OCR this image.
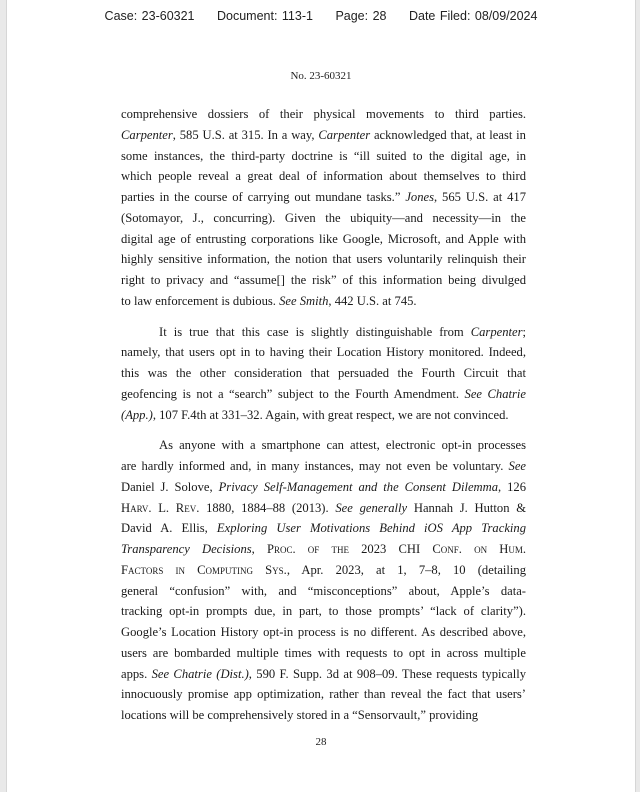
Case: 23-60321 Document: 113-1 Page: 28 Date Filed: 08/09/2024
No. 23-60321
comprehensive dossiers of their physical movements to third parties.
Carpenter, 585 U.S. at 315. In a way, Carpenter acknowledged that, at least in
some instances, the third-party doctrine is “ill suited to the digital age, in
which people reveal a great deal of information about themselves to third
parties in the course of carrying out mundane tasks.” Jones, 565 U.S. at 417
(Sotomayor, J., concurring). Given the ubiquity—and necessity—in the
digital age of entrusting corporations like Google, Microsoft, and Apple with
highly sensitive information, the notion that users voluntarily relinquish their
right to privacy and “assume[] the risk” of this information being divulged
to law enforcement is dubious. See Smith, 442 U.S. at 745.
It is true that this case is slightly distinguishable from Carpenter;
namely, that users opt in to having their Location History monitored. Indeed,
this was the other consideration that persuaded the Fourth Circuit that
geofencing is not a “search” subject to the Fourth Amendment. See Chatrie
(App.), 107 F.4th at 331–32. Again, with great respect, we are not convinced.
As anyone with a smartphone can attest, electronic opt-in processes
are hardly informed and, in many instances, may not even be voluntary. See
Daniel J. Solove, Privacy Self-Management and the Consent Dilemma, 126
Harv. L. Rev. 1880, 1884–88 (2013). See generally Hannah J. Hutton &
David A. Ellis, Exploring User Motivations Behind iOS App Tracking
Transparency Decisions, Proc. of the 2023 CHI Conf. on Hum.
Factors in Computing Sys., Apr. 2023, at 1, 7–8, 10 (detailing
general “confusion” with, and “misconceptions” about, Apple’s data-
tracking opt-in prompts due, in part, to those prompts’ “lack of clarity”).
Google’s Location History opt-in process is no different. As described above,
users are bombarded multiple times with requests to opt in across multiple
apps. See Chatrie (Dist.), 590 F. Supp. 3d at 908–09. These requests typically
innocuously promise app optimization, rather than reveal the fact that users’
locations will be comprehensively stored in a “Sensorvault,” providing
28
